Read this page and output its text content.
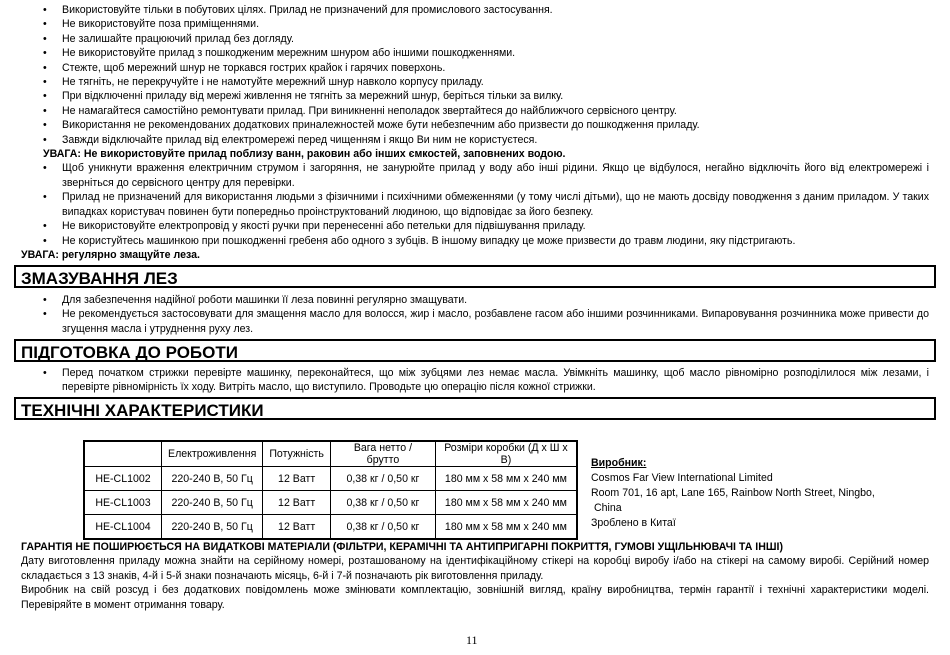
• Використовуйте тільки в побутових цілях. Прилад не призначений для промислового застосування.
• Не використовуйте поза приміщеннями.
• Не залишайте працюючий прилад без догляду.
• Не використовуйте прилад з пошкодженим мережним шнуром або іншими пошкодженнями.
• Стежте, щоб мережний шнур не торкався гострих крайок і гарячих поверхонь.
• Не тягніть, не перекручуйте і не намотуйте мережний шнур навколо корпусу приладу.
• При відключенні приладу від мережі живлення не тягніть за мережний шнур, беріться тільки за вилку.
• Не намагайтеся самостійно ремонтувати прилад. При виникненні неполадок звертайтеся до найближчого сервісного центру.
• Використання не рекомендованих додаткових приналежностей може бути небезпечним або призвести до пошкодження приладу.
• Завжди відключайте прилад від електромережі перед чищенням і якщо Ви ним не користуєтеся.
УВАГА: Не використовуйте прилад поблизу ванн, раковин або інших ємкостей, заповнених водою.
• Щоб уникнути враження електричним струмом і загоряння, не занурюйте прилад у воду або інші рідини. Якщо це відбулося, негайно відключіть його від електромережі і зверніться до сервісного центру для перевірки.
• Прилад не призначений для використання людьми з фізичними і психічними обмеженнями (у тому числі дітьми), що не мають досвіду поводження з даним приладом. У таких випадках користувач повинен бути попередньо проінструктований людиною, що відповідає за його безпеку.
• Не використовуйте електропровід у якості ручки при перенесенні або петельки для підвішування приладу.
• Не користуйтесь машинкою при пошкодженні гребеня або одного з зубців. В іншому випадку це може призвести до травм людини, яку підстригають.
УВАГА: регулярно змащуйте леза.
ЗМАЗУВАННЯ ЛЕЗ
• Для забезпечення надійної роботи машинки її леза повинні регулярно змащувати.
• Не рекомендується застосовувати для змащення масло для волосся, жир і масло, розбавлене гасом або іншими розчинниками. Випаровування розчинника може привести до згущення масла і утруднення руху лез.
ПІДГОТОВКА ДО РОБОТИ
• Перед початком стрижки перевірте машинку, переконайтеся, що між зубцями лез немає масла. Увімкніть машинку, щоб масло рівномірно розподілилося між лезами, і перевірте рівномірність їх ходу. Витріть масло, що виступило. Проводьте цю операцію після кожної стрижки.
ТЕХНІЧНІ ХАРАКТЕРИСТИКИ
	Електроживлення	Потужність	Вага нетто / брутто	Розміри коробки (Д х Ш х В)
HE-CL1002	220-240 В, 50 Гц	12 Ватт	0,38 кг / 0,50 кг	180 мм х 58 мм х 240 мм
HE-CL1003	220-240 В, 50 Гц	12 Ватт	0,38 кг / 0,50 кг	180 мм х 58 мм х 240 мм
HE-CL1004	220-240 В, 50 Гц	12 Ватт	0,38 кг / 0,50 кг	180 мм х 58 мм х 240 мм
Виробник:
Cosmos Far View International Limited
Room 701, 16 apt, Lane 165, Rainbow North Street, Ningbo,
China
Зроблено в Китаї
ГАРАНТІЯ НЕ ПОШИРЮЄТЬСЯ НА ВИДАТКОВІ МАТЕРІАЛИ (ФІЛЬТРИ, КЕРАМІЧНІ ТА АНТИПРИГАРНІ ПОКРИТТЯ, ГУМОВІ УЩІЛЬНЮВАЧІ ТА ІНШІ)
Дату виготовлення приладу можна знайти на серійному номері, розташованому на ідентифікаційному стікері на коробці виробу і/або на стікері на самому виробі. Серійний номер складається з 13 знаків, 4-й і 5-й знаки позначають місяць, 6-й і 7-й позначають рік виготовлення приладу.
Виробник на свій розсуд і без додаткових повідомлень може змінювати комплектацію, зовнішній вигляд, країну виробництва, термін гарантії і технічні характеристики моделі. Перевіряйте в момент отримання товару.
11
